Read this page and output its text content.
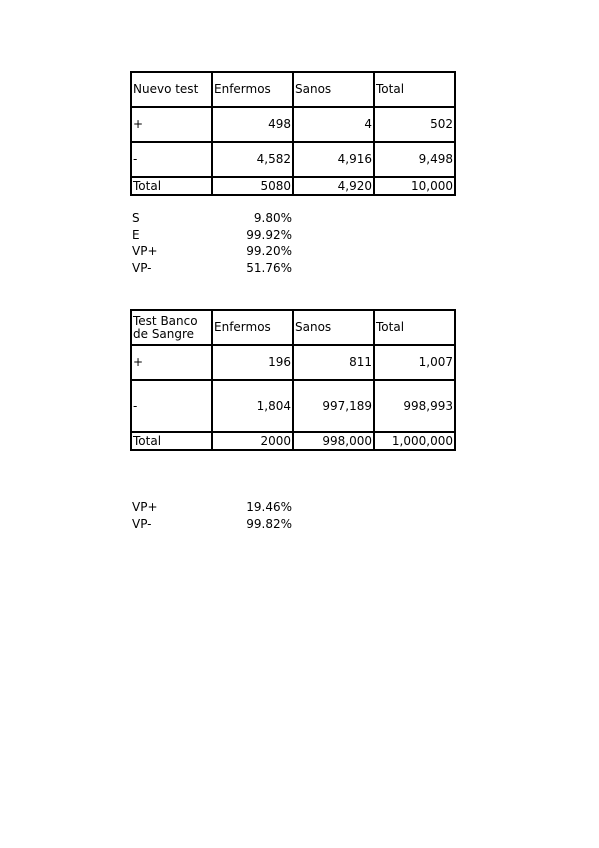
Nuevo test	Enfermos	Sanos	Total
+	498	4	502
-	4,582	4,916	9,498
Total	5080	4,920	10,000
S	9.80%
E	99.92%
VP+	99.20%
VP-	51.76%
Test Banco de Sangre	Enfermos	Sanos	Total
+	196	811	1,007
-	1,804	997,189	998,993
Total	2000	998,000	1,000,000
VP+	19.46%
VP-	99.82%
